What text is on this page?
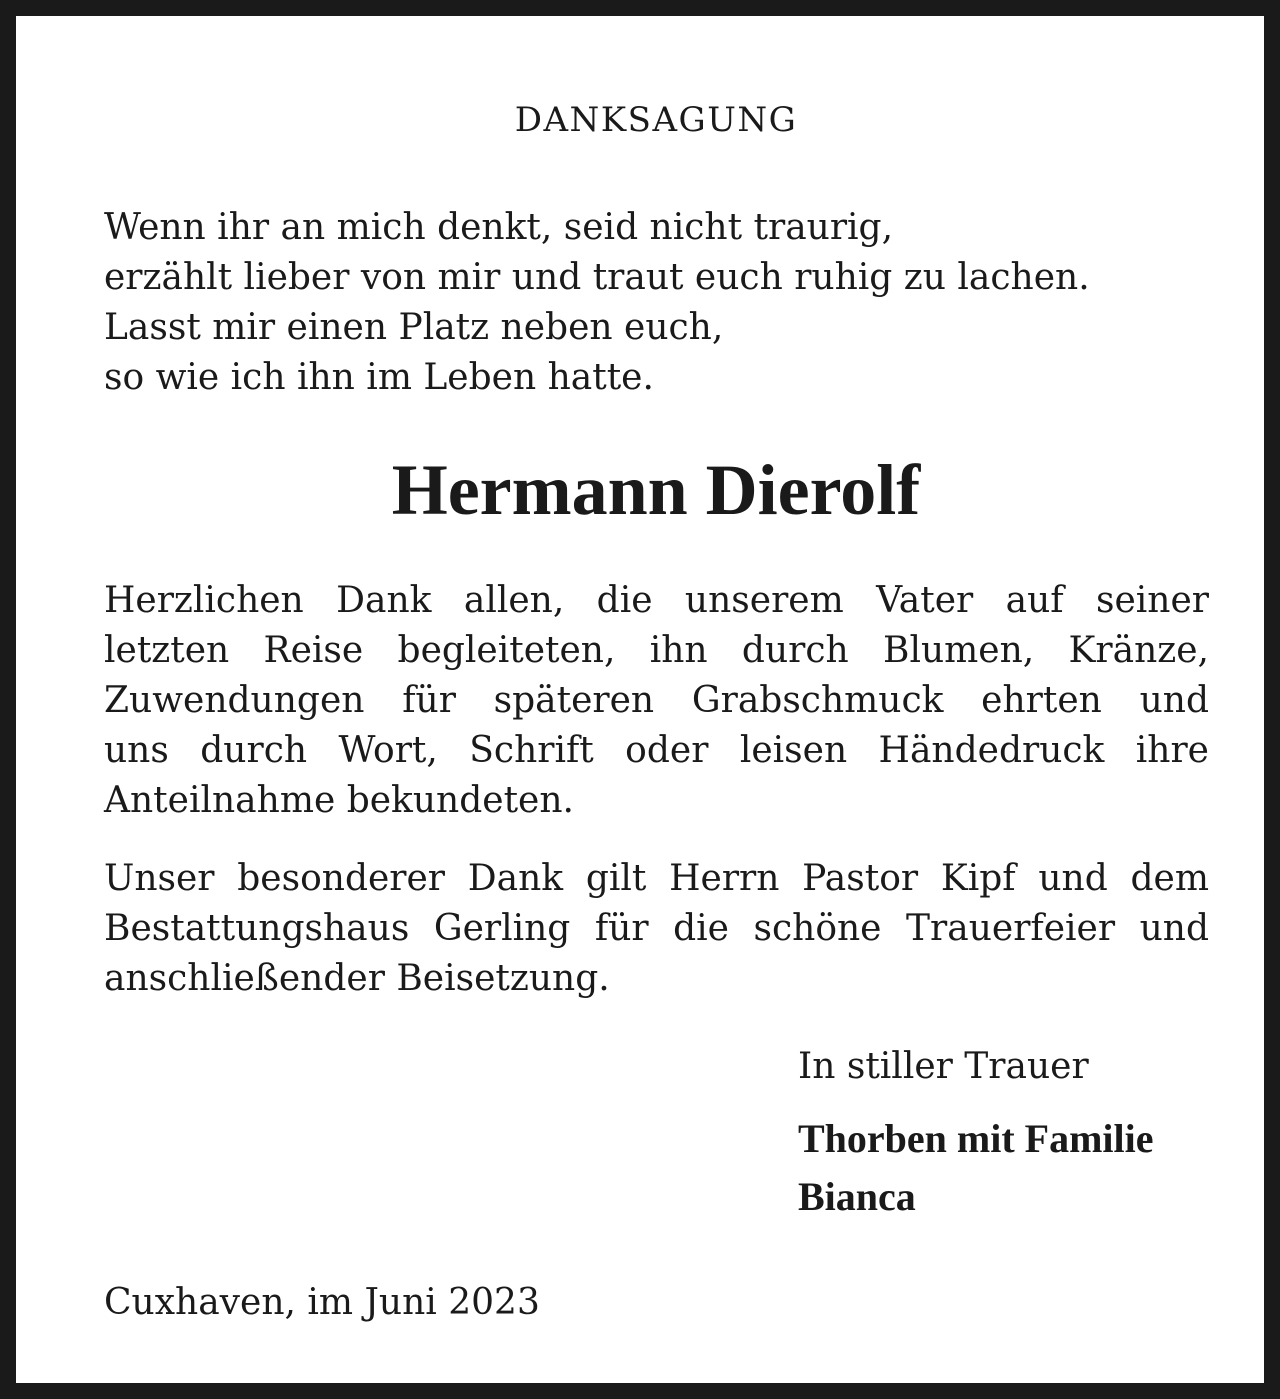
DANKSAGUNG
Wenn ihr an mich denkt, seid nicht traurig,
erzählt lieber von mir und traut euch ruhig zu lachen.
Lasst mir einen Platz neben euch,
so wie ich ihn im Leben hatte.
Hermann Dierolf
Herzlichen Dank allen, die unserem Vater auf seiner
letzten Reise begleiteten, ihn durch Blumen, Kränze,
Zuwendungen für späteren Grabschmuck ehrten und
uns durch Wort, Schrift oder leisen Händedruck ihre
Anteilnahme bekundeten.
Unser besonderer Dank gilt Herrn Pastor Kipf und dem
Bestattungshaus Gerling für die schöne Trauerfeier und
anschließender Beisetzung.
In stiller Trauer
Thorben mit Familie
Bianca
Cuxhaven, im Juni 2023
